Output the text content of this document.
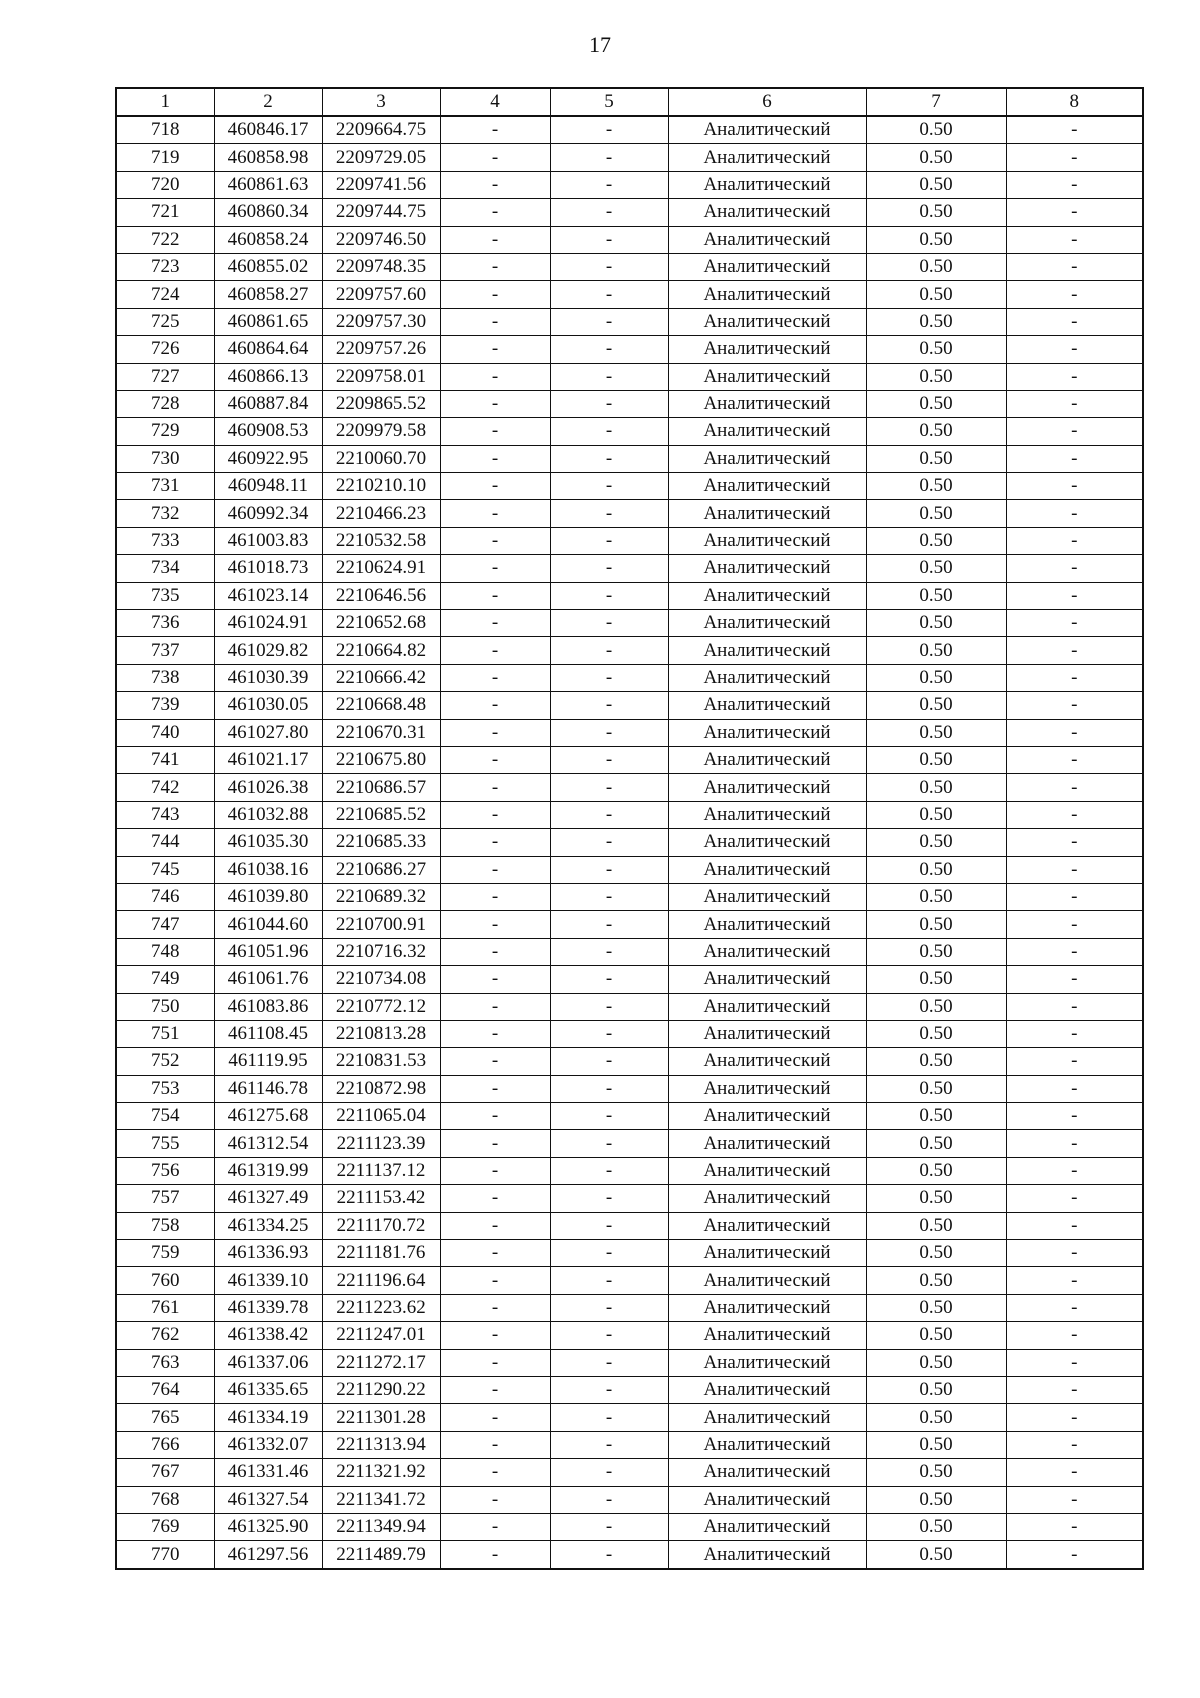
17
1	2	3	4	5	6	7	8
718	460846.17	2209664.75	-	-	Аналитический	0.50	-
719	460858.98	2209729.05	-	-	Аналитический	0.50	-
720	460861.63	2209741.56	-	-	Аналитический	0.50	-
721	460860.34	2209744.75	-	-	Аналитический	0.50	-
722	460858.24	2209746.50	-	-	Аналитический	0.50	-
723	460855.02	2209748.35	-	-	Аналитический	0.50	-
724	460858.27	2209757.60	-	-	Аналитический	0.50	-
725	460861.65	2209757.30	-	-	Аналитический	0.50	-
726	460864.64	2209757.26	-	-	Аналитический	0.50	-
727	460866.13	2209758.01	-	-	Аналитический	0.50	-
728	460887.84	2209865.52	-	-	Аналитический	0.50	-
729	460908.53	2209979.58	-	-	Аналитический	0.50	-
730	460922.95	2210060.70	-	-	Аналитический	0.50	-
731	460948.11	2210210.10	-	-	Аналитический	0.50	-
732	460992.34	2210466.23	-	-	Аналитический	0.50	-
733	461003.83	2210532.58	-	-	Аналитический	0.50	-
734	461018.73	2210624.91	-	-	Аналитический	0.50	-
735	461023.14	2210646.56	-	-	Аналитический	0.50	-
736	461024.91	2210652.68	-	-	Аналитический	0.50	-
737	461029.82	2210664.82	-	-	Аналитический	0.50	-
738	461030.39	2210666.42	-	-	Аналитический	0.50	-
739	461030.05	2210668.48	-	-	Аналитический	0.50	-
740	461027.80	2210670.31	-	-	Аналитический	0.50	-
741	461021.17	2210675.80	-	-	Аналитический	0.50	-
742	461026.38	2210686.57	-	-	Аналитический	0.50	-
743	461032.88	2210685.52	-	-	Аналитический	0.50	-
744	461035.30	2210685.33	-	-	Аналитический	0.50	-
745	461038.16	2210686.27	-	-	Аналитический	0.50	-
746	461039.80	2210689.32	-	-	Аналитический	0.50	-
747	461044.60	2210700.91	-	-	Аналитический	0.50	-
748	461051.96	2210716.32	-	-	Аналитический	0.50	-
749	461061.76	2210734.08	-	-	Аналитический	0.50	-
750	461083.86	2210772.12	-	-	Аналитический	0.50	-
751	461108.45	2210813.28	-	-	Аналитический	0.50	-
752	461119.95	2210831.53	-	-	Аналитический	0.50	-
753	461146.78	2210872.98	-	-	Аналитический	0.50	-
754	461275.68	2211065.04	-	-	Аналитический	0.50	-
755	461312.54	2211123.39	-	-	Аналитический	0.50	-
756	461319.99	2211137.12	-	-	Аналитический	0.50	-
757	461327.49	2211153.42	-	-	Аналитический	0.50	-
758	461334.25	2211170.72	-	-	Аналитический	0.50	-
759	461336.93	2211181.76	-	-	Аналитический	0.50	-
760	461339.10	2211196.64	-	-	Аналитический	0.50	-
761	461339.78	2211223.62	-	-	Аналитический	0.50	-
762	461338.42	2211247.01	-	-	Аналитический	0.50	-
763	461337.06	2211272.17	-	-	Аналитический	0.50	-
764	461335.65	2211290.22	-	-	Аналитический	0.50	-
765	461334.19	2211301.28	-	-	Аналитический	0.50	-
766	461332.07	2211313.94	-	-	Аналитический	0.50	-
767	461331.46	2211321.92	-	-	Аналитический	0.50	-
768	461327.54	2211341.72	-	-	Аналитический	0.50	-
769	461325.90	2211349.94	-	-	Аналитический	0.50	-
770	461297.56	2211489.79	-	-	Аналитический	0.50	-
